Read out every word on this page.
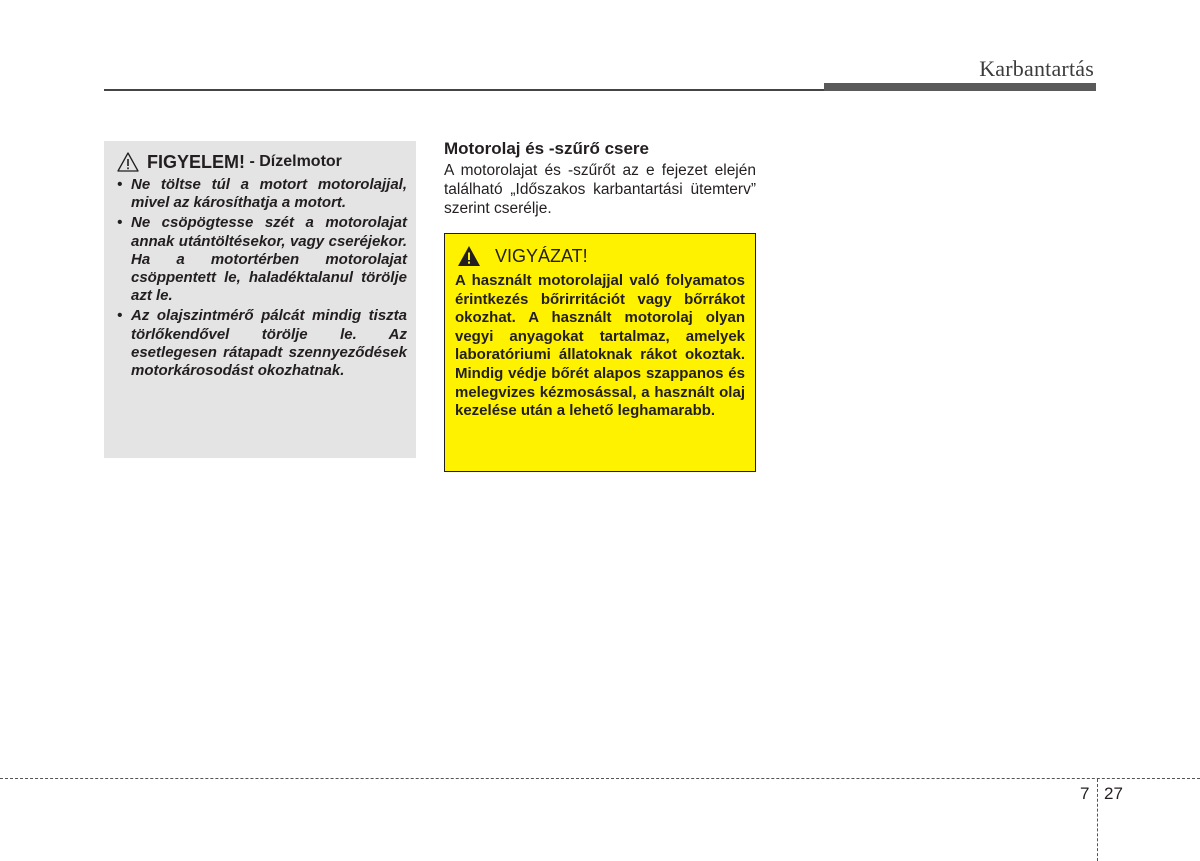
Karbantartás
FIGYELEM! - Dízelmotor
• Ne töltse túl a motort motorolajjal, mivel az károsíthatja a motort.
• Ne csöpögtesse szét a motorolajat annak utántöltésekor, vagy cseréjekor. Ha a motortérben motorolajat csöppentett le, haladéktalanul törölje azt le.
• Az olajszintmérő pálcát mindig tiszta törlőkendővel törölje le. Az esetlegesen rátapadt szennyeződések motorkárosodást okozhatnak.
Motorolaj és -szűrő csere

A motorolajat és -szűrőt az e fejezet elején található „Időszakos karbantartási ütemterv” szerint cserélje.

VIGYÁZAT!

A használt motorolajjal való folyamatos érintkezés bőrirritációt vagy bőrrákot okozhat. A használt motorolaj olyan vegyi anyagokat tartalmaz, amelyek laboratóriumi állatoknak rákot okoztak. Mindig védje bőrét alapos szappanos és melegvizes kézmosással, a használt olaj kezelése után a lehető leghamarabb.

7 27
